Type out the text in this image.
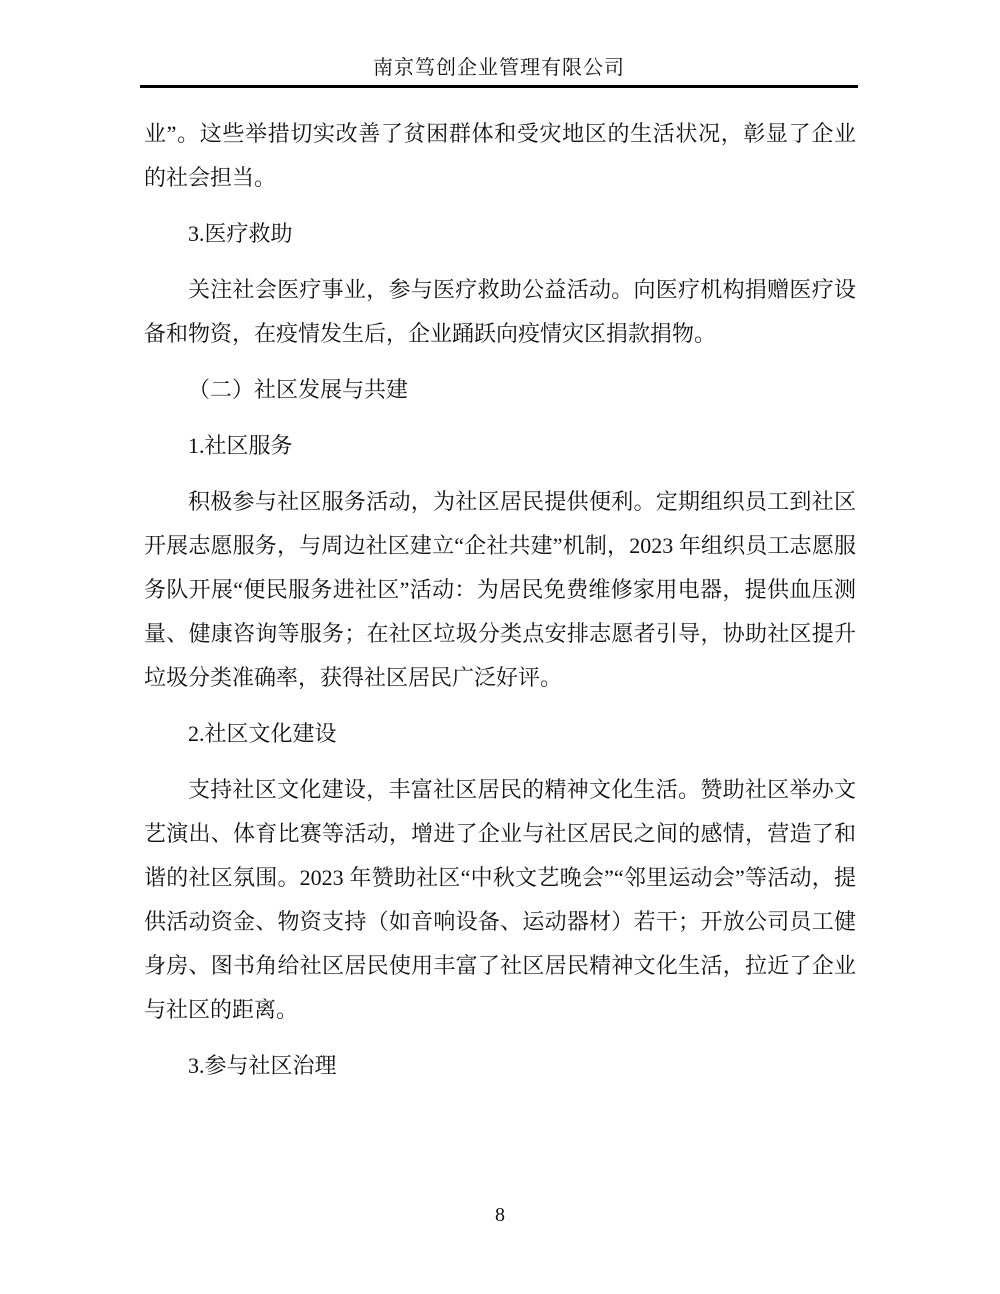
南京笃创企业管理有限公司

业”。这些举措切实改善了贫困群体和受灾地区的生活状况，彰显了企业的社会担当。

3.医疗救助

关注社会医疗事业，参与医疗救助公益活动。向医疗机构捐赠医疗设备和物资，在疫情发生后，企业踊跃向疫情灾区捐款捐物。

（二）社区发展与共建

1.社区服务

积极参与社区服务活动，为社区居民提供便利。定期组织员工到社区开展志愿服务，与周边社区建立“企社共建”机制，2023 年组织员工志愿服务队开展“便民服务进社区”活动：为居民免费维修家用电器，提供血压测量、健康咨询等服务；在社区垃圾分类点安排志愿者引导，协助社区提升垃圾分类准确率，获得社区居民广泛好评。

2.社区文化建设

支持社区文化建设，丰富社区居民的精神文化生活。赞助社区举办文艺演出、体育比赛等活动，增进了企业与社区居民之间的感情，营造了和谐的社区氛围。2023 年赞助社区“中秋文艺晚会”“邻里运动会”等活动，提供活动资金、物资支持（如音响设备、运动器材）若干；开放公司员工健身房、图书角给社区居民使用丰富了社区居民精神文化生活，拉近了企业与社区的距离。

3.参与社区治理

8
